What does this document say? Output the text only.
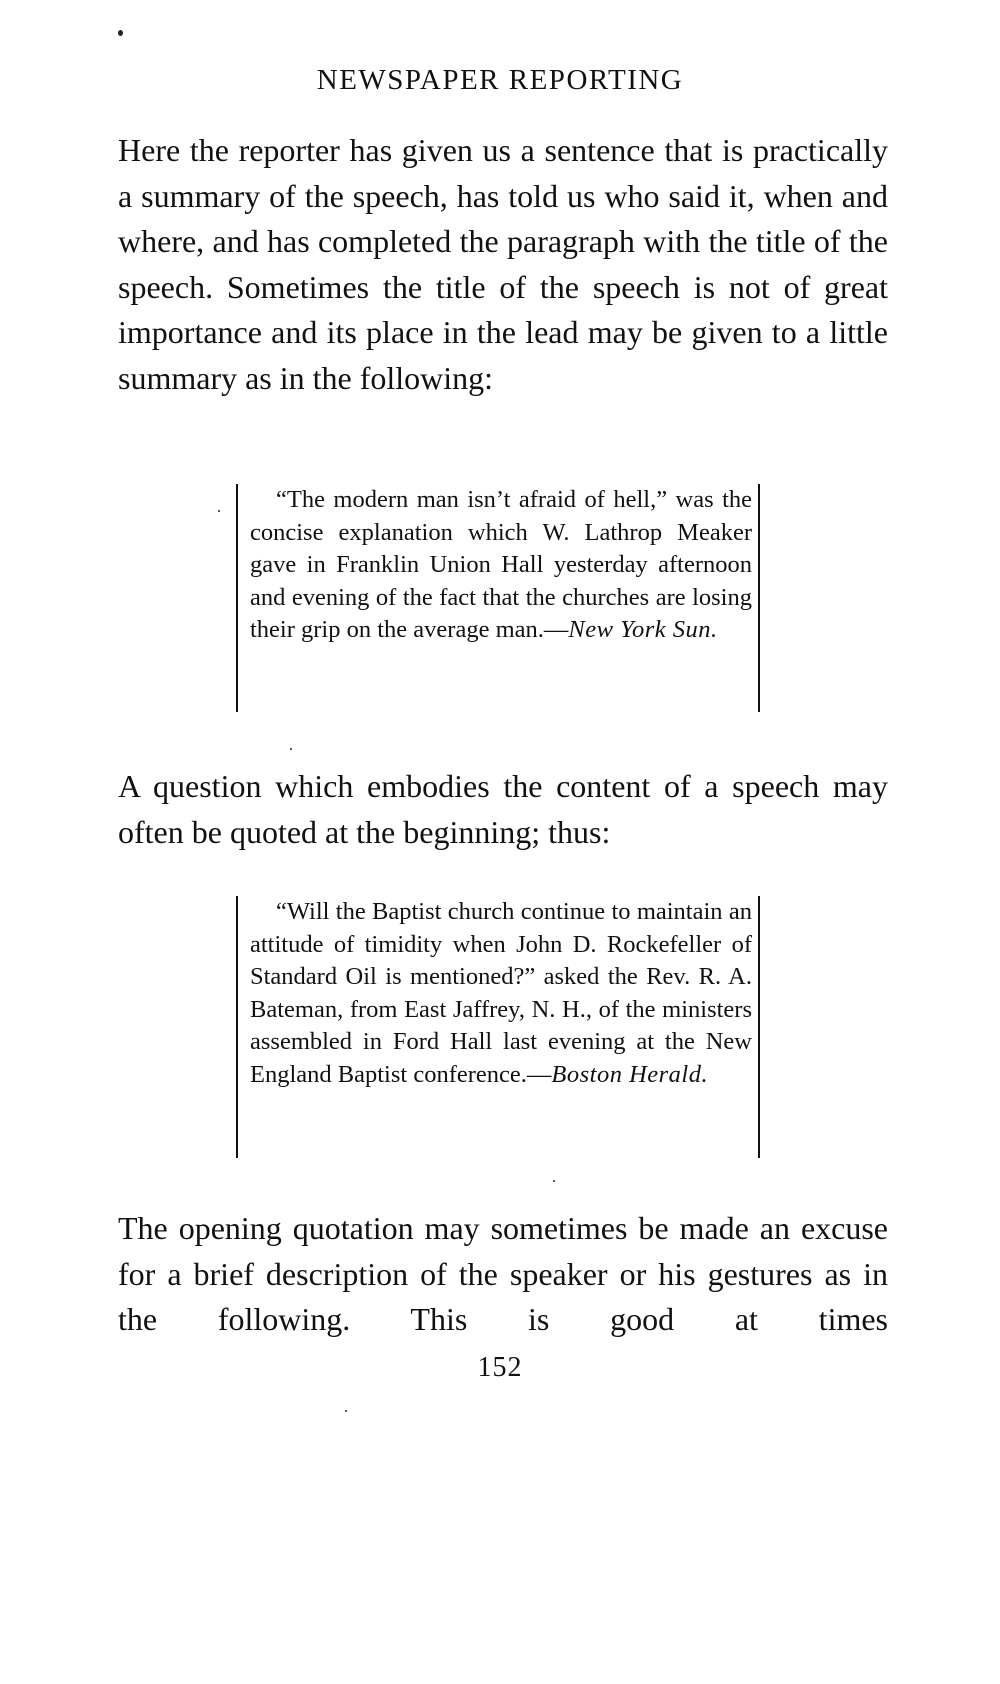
NEWSPAPER REPORTING

Here the reporter has given us a sentence that is practically a summary of the speech, has told us who said it, when and where, and has completed the paragraph with the title of the speech. Sometimes the title of the speech is not of great importance and its place in the lead may be given to a little summary as in the following:

“The modern man isn’t afraid of hell,” was the concise explanation which W. Lathrop Meaker gave in Franklin Union Hall yesterday afternoon and evening of the fact that the churches are losing their grip on the average man.—New York Sun.

A question which embodies the content of a speech may often be quoted at the beginning; thus:

“Will the Baptist church continue to maintain an attitude of timidity when John D. Rockefeller of Standard Oil is mentioned?” asked the Rev. R. A. Bateman, from East Jaffrey, N. H., of the ministers assembled in Ford Hall last evening at the New England Baptist conference.—Boston Herald.

The opening quotation may sometimes be made an excuse for a brief description of the speaker or his gestures as in the following. This is good at times

152
